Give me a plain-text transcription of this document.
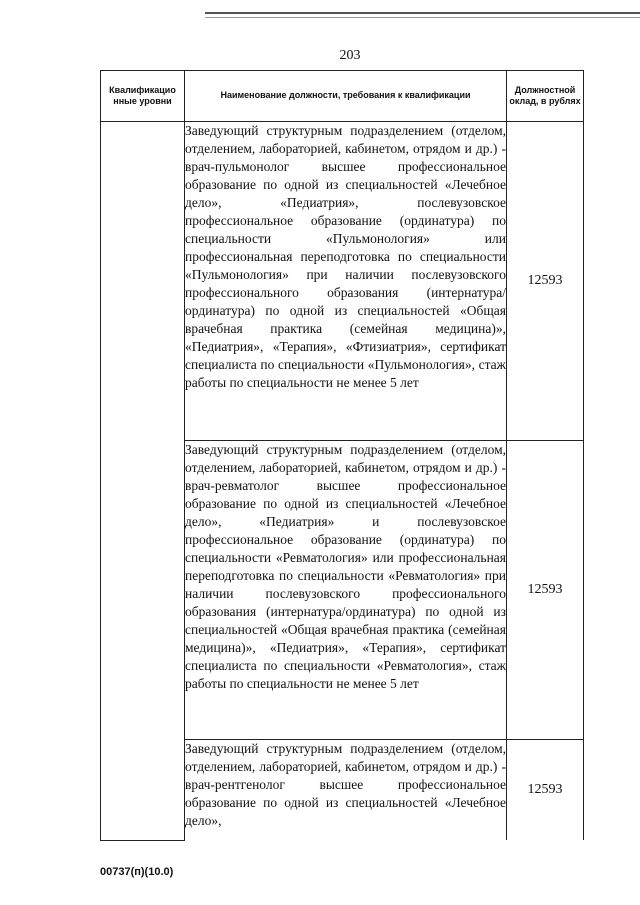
203
Квалификацио нные уровни	Наименование должности, требования к квалификации	Должностной оклад, в рублях
	Заведующий структурным подразделением (отделом, отделением, лабораторией, кабинетом, отрядом и др.) - врач-пульмонолог высшее профессиональное образование по одной из специальностей «Лечебное дело», «Педиатрия», послевузовское профессиональное образование (ординатура) по специальности «Пульмонология» или профессиональная переподготовка по специальности «Пульмонология» при наличии послевузовского профессионального образования (интернатура/ординатура) по одной из специальностей «Общая врачебная практика (семейная медицина)», «Педиатрия», «Терапия», «Фтизиатрия», сертификат специалиста по специальности «Пульмонология», стаж работы по специальности не менее 5 лет	12593
	Заведующий структурным подразделением (отделом, отделением, лабораторией, кабинетом, отрядом и др.) - врач-ревматолог высшее профессиональное образование по одной из специальностей «Лечебное дело», «Педиатрия» и послевузовское профессиональное образование (ординатура) по специальности «Ревматология» или профессиональная переподготовка по специальности «Ревматология» при наличии послевузовского профессионального образования (интернатура/ординатура) по одной из специальностей «Общая врачебная практика (семейная медицина)», «Педиатрия», «Терапия», сертификат специалиста по специальности «Ревматология», стаж работы по специальности не менее 5 лет	12593
	Заведующий структурным подразделением (отделом, отделением, лабораторией, кабинетом, отрядом и др.) - врач-рентгенолог высшее профессиональное образование по одной из специальностей «Лечебное дело»,	12593
00737(п)(10.0)
